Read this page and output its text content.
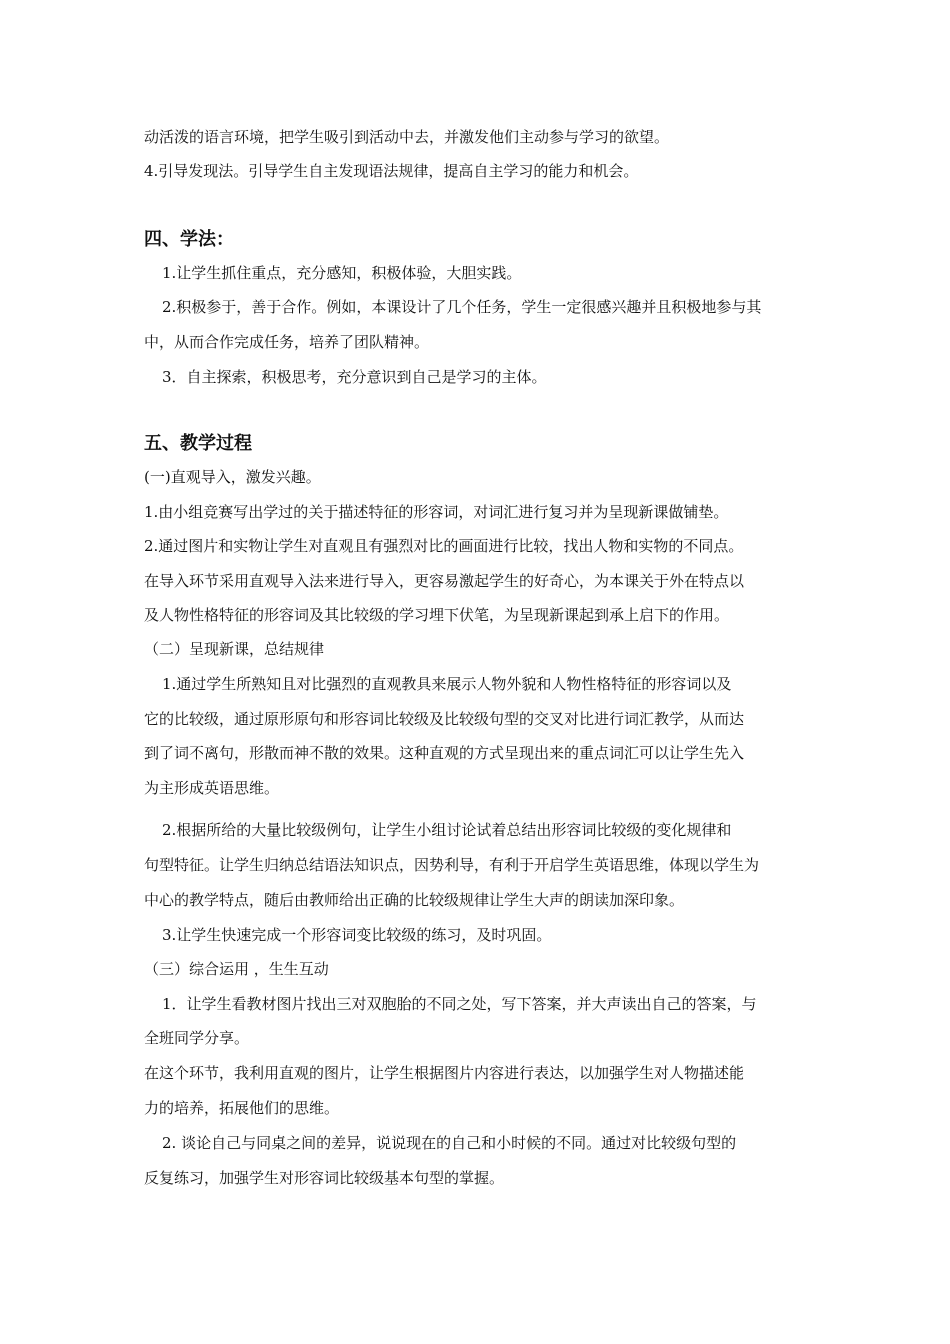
动活泼的语言环境，把学生吸引到活动中去，并激发他们主动参与学习的欲望。
4.引导发现法。引导学生自主发现语法规律，提高自主学习的能力和机会。
四、学法：
1.让学生抓住重点，充分感知，积极体验，大胆实践。
2.积极参于，善于合作。例如，本课设计了几个任务，学生一定很感兴趣并且积极地参与其
中，从而合作完成任务，培养了团队精神。
3．自主探索，积极思考，充分意识到自己是学习的主体。
五、教学过程
(一)直观导入，激发兴趣。
1.由小组竞赛写出学过的关于描述特征的形容词，对词汇进行复习并为呈现新课做铺垫。
2.通过图片和实物让学生对直观且有强烈对比的画面进行比较，找出人物和实物的不同点。
在导入环节采用直观导入法来进行导入，更容易激起学生的好奇心，为本课关于外在特点以
及人物性格特征的形容词及其比较级的学习埋下伏笔，为呈现新课起到承上启下的作用。
（二）呈现新课，总结规律
1.通过学生所熟知且对比强烈的直观教具来展示人物外貌和人物性格特征的形容词以及
它的比较级，通过原形原句和形容词比较级及比较级句型的交叉对比进行词汇教学，从而达
到了词不离句，形散而神不散的效果。这种直观的方式呈现出来的重点词汇可以让学生先入
为主形成英语思维。
2.根据所给的大量比较级例句，让学生小组讨论试着总结出形容词比较级的变化规律和
句型特征。让学生归纳总结语法知识点，因势利导，有利于开启学生英语思维，体现以学生为
中心的教学特点，随后由教师给出正确的比较级规律让学生大声的朗读加深印象。
3.让学生快速完成一个形容词变比较级的练习，及时巩固。
（三）综合运用 ，生生互动
1．让学生看教材图片找出三对双胞胎的不同之处，写下答案，并大声读出自己的答案，与
全班同学分享。
在这个环节，我利用直观的图片，让学生根据图片内容进行表达，以加强学生对人物描述能
力的培养，拓展他们的思维。
2. 谈论自己与同桌之间的差异，说说现在的自己和小时候的不同。通过对比较级句型的
反复练习，加强学生对形容词比较级基本句型的掌握。
